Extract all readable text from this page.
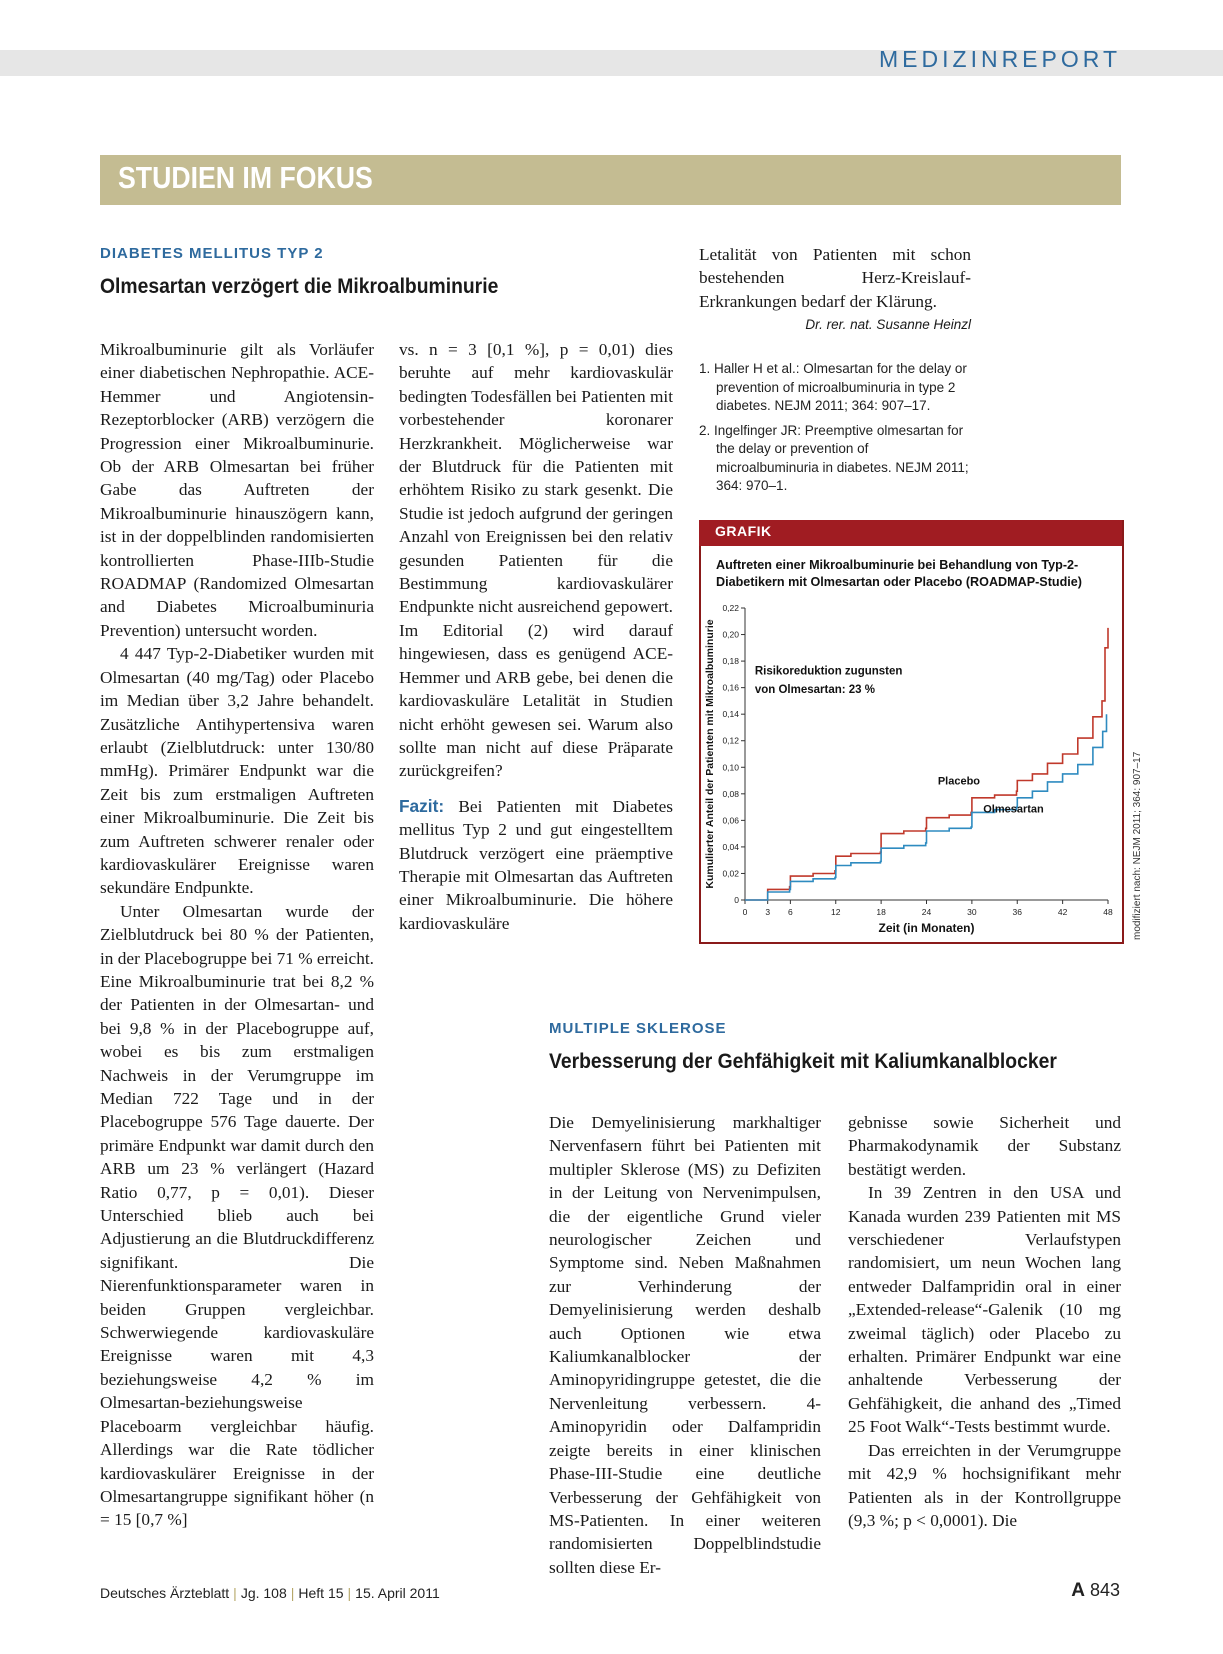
MEDIZINREPORT
STUDIEN IM FOKUS
DIABETES MELLITUS TYP 2
Olmesartan verzögert die Mikroalbuminurie

Mikroalbuminurie gilt als Vorläufer einer diabetischen Nephropathie. ACE-Hemmer und Angiotensin-Rezeptorblocker (ARB) verzögern die Progression einer Mikroalbuminurie. Ob der ARB Olmesartan bei früher Gabe das Auftreten der Mikroalbuminurie hinauszögern kann, ist in der doppelblinden randomisierten kontrollierten Phase-IIIb-Studie ROADMAP (Randomized Olmesartan and Diabetes Microalbuminuria Prevention) untersucht worden.

4 447 Typ-2-Diabetiker wurden mit Olmesartan (40 mg/Tag) oder Placebo im Median über 3,2 Jahre behandelt. Zusätzliche Antihypertensiva waren erlaubt (Zielblutdruck: unter 130/80 mmHg). Primärer Endpunkt war die Zeit bis zum erstmaligen Auftreten einer Mikroalbuminurie. Die Zeit bis zum Auftreten schwerer renaler oder kardiovaskulärer Ereignisse waren sekundäre Endpunkte.

Unter Olmesartan wurde der Zielblutdruck bei 80 % der Patienten, in der Placebogruppe bei 71 % erreicht. Eine Mikroalbuminurie trat bei 8,2 % der Patienten in der Olmesartan- und bei 9,8 % in der Placebogruppe auf, wobei es bis zum erstmaligen Nachweis in der Verumgruppe im Median 722 Tage und in der Placebogruppe 576 Tage dauerte. Der primäre Endpunkt war damit durch den ARB um 23 % verlängert (Hazard Ratio 0,77, p = 0,01). Dieser Unterschied blieb auch bei Adjustierung an die Blutdruckdifferenz signifikant. Die Nierenfunktionsparameter waren in beiden Gruppen vergleichbar. Schwerwiegende kardiovaskuläre Ereignisse waren mit 4,3 beziehungsweise 4,2 % im Olmesartan-beziehungsweise Placeboarm vergleichbar häufig. Allerdings war die Rate tödlicher kardiovaskulärer Ereignisse in der Olmesartangruppe signifikant höher (n = 15 [0,7 %]

vs. n = 3 [0,1 %], p = 0,01) dies beruhte auf mehr kardiovaskulär bedingten Todesfällen bei Patienten mit vorbestehender koronarer Herzkrankheit. Möglicherweise war der Blutdruck für die Patienten mit erhöhtem Risiko zu stark gesenkt. Die Studie ist jedoch aufgrund der geringen Anzahl von Ereignissen bei den relativ gesunden Patienten für die Bestimmung kardiovaskulärer Endpunkte nicht ausreichend gepowert. Im Editorial (2) wird darauf hingewiesen, dass es genügend ACE-Hemmer und ARB gebe, bei denen die kardiovaskuläre Letalität in Studien nicht erhöht gewesen sei. Warum also sollte man nicht auf diese Präparate zurückgreifen?

Fazit: Bei Patienten mit Diabetes mellitus Typ 2 und gut eingestelltem Blutdruck verzögert eine präemptive Therapie mit Olmesartan das Auftreten einer Mikroalbuminurie. Die höhere kardiovaskuläre

Letalität von Patienten mit schon bestehenden Herz-Kreislauf-Erkrankungen bedarf der Klärung.

Dr. rer. nat. Susanne Heinzl
1. Haller H et al.: Olmesartan for the delay or prevention of microalbuminuria in type 2 diabetes. NEJM 2011; 364: 907–17.
2. Ingelfinger JR: Preemptive olmesartan for the delay or prevention of microalbuminuria in diabetes. NEJM 2011; 364: 970–1.
GRAFIK
Auftreten einer Mikroalbuminurie bei Behandlung von Typ-2-Diabetikern mit Olmesartan oder Placebo (ROADMAP-Studie)
0
0,02
0,04
0,06
0,08
0,10
0,12
0,14
0,16
0,18
0,20
0,22
0 3 6	12	18	24	30	36	42	48
Zeit (in Monaten)
Kumulierter Anteil der Patienten mit Mikroalbuminurie	Placebo
Olmesartan
Risikoreduktion zugunsten
von Olmesartan: 23 %
modifiziert nach: NEJM 2011; 364: 907–17
MULTIPLE SKLEROSE
Verbesserung der Gehfähigkeit mit Kaliumkanalblocker

Die Demyelinisierung markhaltiger Nervenfasern führt bei Patienten mit multipler Sklerose (MS) zu Defiziten in der Leitung von Nervenimpulsen, die der eigentliche Grund vieler neurologischer Zeichen und Symptome sind. Neben Maßnahmen zur Verhinderung der Demyelinisierung werden deshalb auch Optionen wie etwa Kaliumkanalblocker der Aminopyridingruppe getestet, die die Nervenleitung verbessern. 4-Aminopyridin oder Dalfampridin zeigte bereits in einer klinischen Phase-III-Studie eine deutliche Verbesserung der Gehfähigkeit von MS-Patienten. In einer weiteren randomisierten Doppelblindstudie sollten diese Er-

gebnisse sowie Sicherheit und Pharmakodynamik der Substanz bestätigt werden.

In 39 Zentren in den USA und Kanada wurden 239 Patienten mit MS verschiedener Verlaufstypen randomisiert, um neun Wochen lang entweder Dalfampridin oral in einer „Extended-release“-Galenik (10 mg zweimal täglich) oder Placebo zu erhalten. Primärer Endpunkt war eine anhaltende Verbesserung der Gehfähigkeit, die anhand des „Timed 25 Foot Walk“-Tests bestimmt wurde.

Das erreichten in der Verumgruppe mit 42,9 % hochsignifikant mehr Patienten als in der Kontrollgruppe (9,3 %; p < 0,0001). Die

Deutsches Ärzteblatt | Jg. 108 | Heft 15 | 15. April 2011	A 843
